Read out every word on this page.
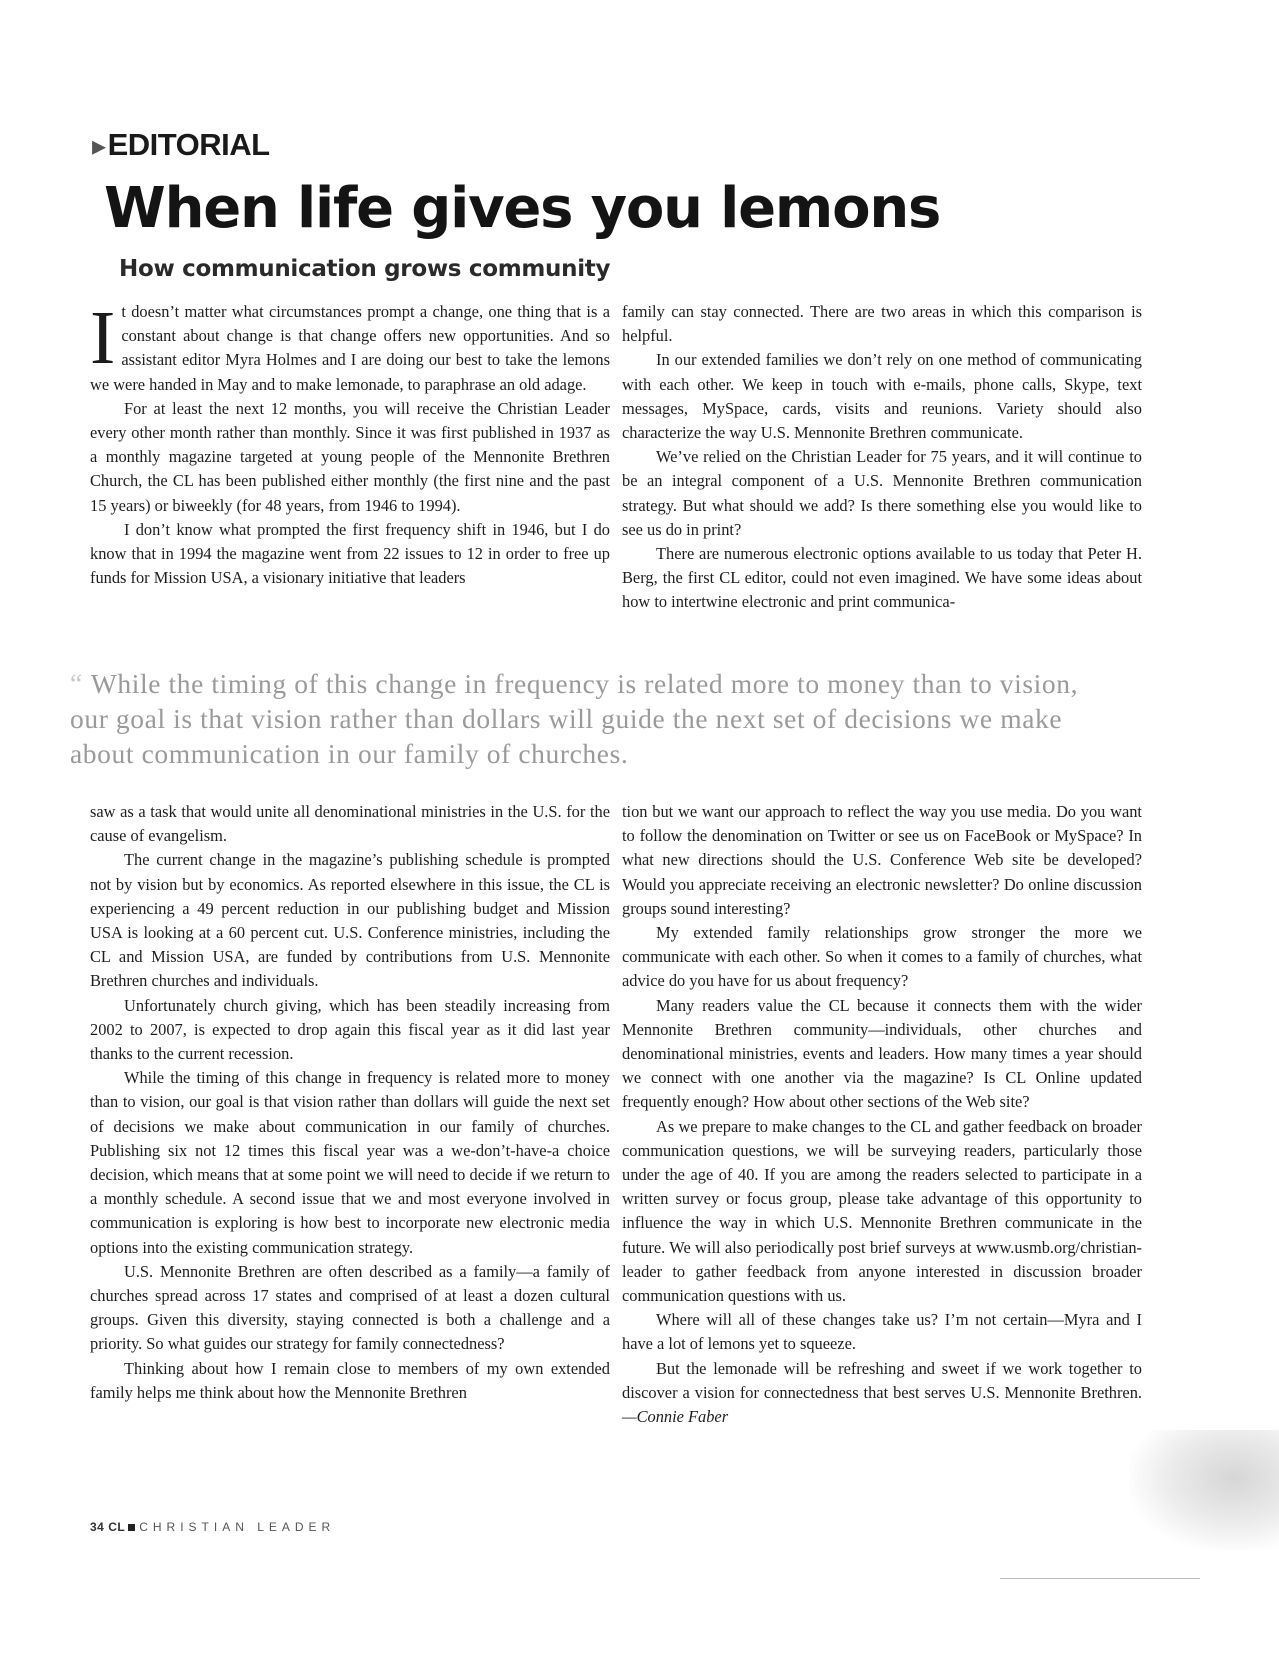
▸EDITORIAL
When life gives you lemons
How communication grows community

It doesn’t matter what circumstances prompt a change, one thing that is a constant about change is that change offers new opportunities. And so assistant editor Myra Holmes and I are doing our best to take the lemons we were handed in May and to make lemonade, to paraphrase an old adage.

For at least the next 12 months, you will receive the Christian Leader every other month rather than monthly. Since it was first published in 1937 as a monthly magazine targeted at young people of the Mennonite Brethren Church, the CL has been published either monthly (the first nine and the past 15 years) or biweekly (for 48 years, from 1946 to 1994).

I don’t know what prompted the first frequency shift in 1946, but I do know that in 1994 the magazine went from 22 issues to 12 in order to free up funds for Mission USA, a visionary initiative that leaders

family can stay connected. There are two areas in which this comparison is helpful.

In our extended families we don’t rely on one method of communicating with each other. We keep in touch with e-mails, phone calls, Skype, text messages, MySpace, cards, visits and reunions. Variety should also characterize the way U.S. Mennonite Brethren communicate.

We’ve relied on the Christian Leader for 75 years, and it will continue to be an integral component of a U.S. Mennonite Brethren communication strategy. But what should we add? Is there something else you would like to see us do in print?

There are numerous electronic options available to us today that Peter H. Berg, the first CL editor, could not even imagined. We have some ideas about how to intertwine electronic and print communica-

“ While the timing of this change in frequency is related more to money than to vision,
our goal is that vision rather than dollars will guide the next set of decisions we make
about communication in our family of churches.

saw as a task that would unite all denominational ministries in the U.S. for the cause of evangelism.

The current change in the magazine’s publishing schedule is prompted not by vision but by economics. As reported elsewhere in this issue, the CL is experiencing a 49 percent reduction in our publishing budget and Mission USA is looking at a 60 percent cut. U.S. Conference ministries, including the CL and Mission USA, are funded by contributions from U.S. Mennonite Brethren churches and individuals.

Unfortunately church giving, which has been steadily increasing from 2002 to 2007, is expected to drop again this fiscal year as it did last year thanks to the current recession.

While the timing of this change in frequency is related more to money than to vision, our goal is that vision rather than dollars will guide the next set of decisions we make about communication in our family of churches. Publishing six not 12 times this fiscal year was a we-don’t-have-a choice decision, which means that at some point we will need to decide if we return to a monthly schedule. A second issue that we and most everyone involved in communication is exploring is how best to incorporate new electronic media options into the existing communication strategy.

U.S. Mennonite Brethren are often described as a family—a family of churches spread across 17 states and comprised of at least a dozen cultural groups. Given this diversity, staying connected is both a challenge and a priority. So what guides our strategy for family connectedness?

Thinking about how I remain close to members of my own extended family helps me think about how the Mennonite Brethren

tion but we want our approach to reflect the way you use media. Do you want to follow the denomination on Twitter or see us on FaceBook or MySpace? In what new directions should the U.S. Conference Web site be developed? Would you appreciate receiving an electronic newsletter? Do online discussion groups sound interesting?

My extended family relationships grow stronger the more we communicate with each other. So when it comes to a family of churches, what advice do you have for us about frequency?

Many readers value the CL because it connects them with the wider Mennonite Brethren community—individuals, other churches and denominational ministries, events and leaders. How many times a year should we connect with one another via the magazine? Is CL Online updated frequently enough? How about other sections of the Web site?

As we prepare to make changes to the CL and gather feedback on broader communication questions, we will be surveying readers, particularly those under the age of 40. If you are among the readers selected to participate in a written survey or focus group, please take advantage of this opportunity to influence the way in which U.S. Mennonite Brethren communicate in the future. We will also periodically post brief surveys at www.usmb.org/christian-leader to gather feedback from anyone interested in discussion broader communication questions with us.

Where will all of these changes take us? I’m not certain—Myra and I have a lot of lemons yet to squeeze.

But the lemonade will be refreshing and sweet if we work together to discover a vision for connectedness that best serves U.S. Mennonite Brethren.—Connie Faber

34 CL CHRISTIAN LEADER
